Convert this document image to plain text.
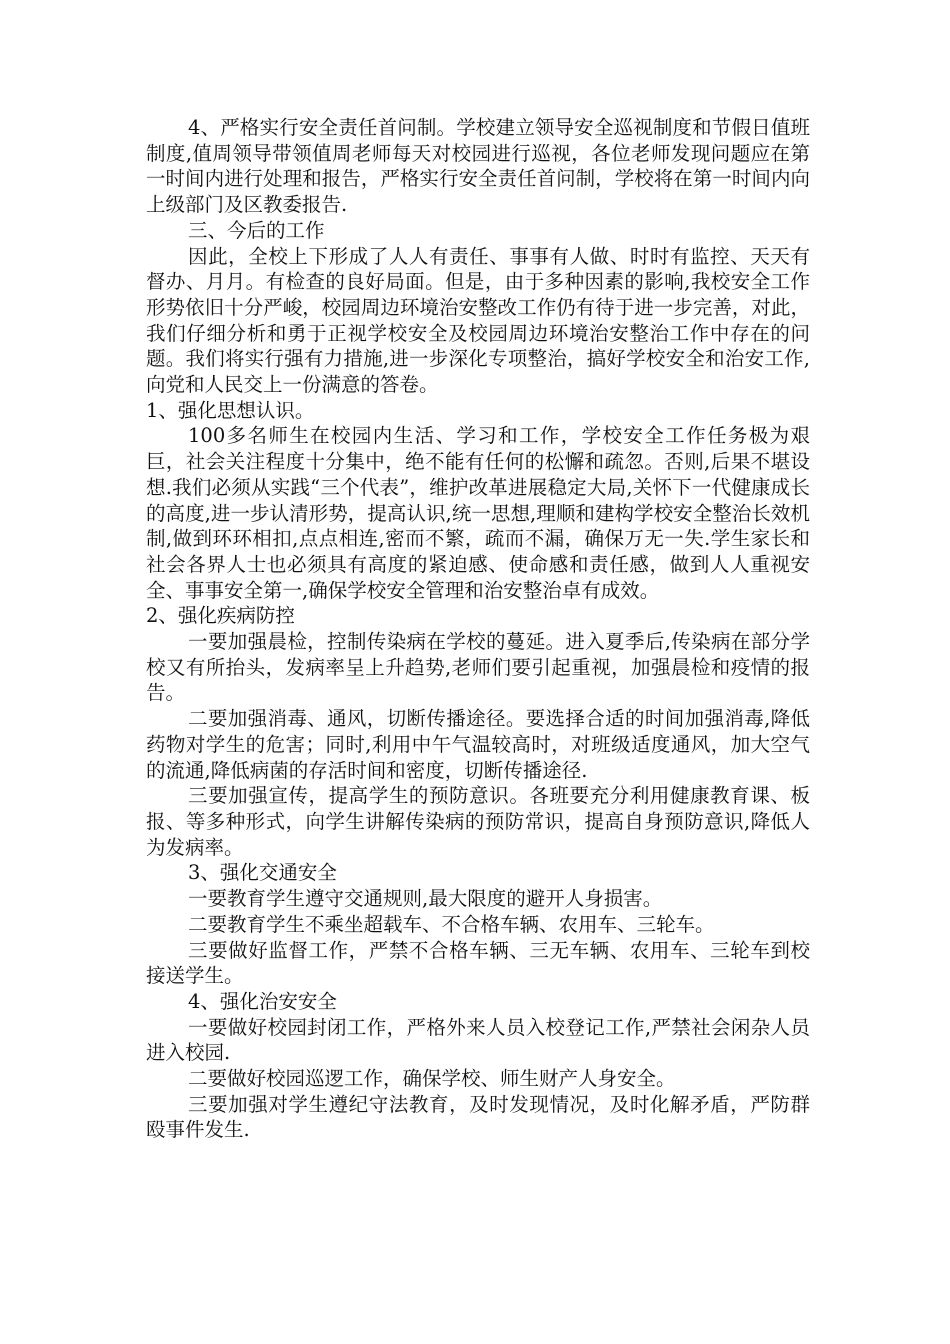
4、严格实行安全责任首问制。学校建立领导安全巡视制度和节假日值班制度,值周领导带领值周老师每天对校园进行巡视，各位老师发现问题应在第一时间内进行处理和报告，严格实行安全责任首问制，学校将在第一时间内向上级部门及区教委报告.

三、今后的工作

因此，全校上下形成了人人有责任、事事有人做、时时有监控、天天有督办、月月。有检查的良好局面。但是，由于多种因素的影响,我校安全工作形势依旧十分严峻，校园周边环境治安整改工作仍有待于进一步完善，对此，我们仔细分析和勇于正视学校安全及校园周边环境治安整治工作中存在的问题。我们将实行强有力措施,进一步深化专项整治，搞好学校安全和治安工作,向党和人民交上一份满意的答卷。

1、强化思想认识。

100多名师生在校园内生活、学习和工作，学校安全工作任务极为艰巨，社会关注程度十分集中，绝不能有任何的松懈和疏忽。否则,后果不堪设想.我们必须从实践“三个代表”，维护改革进展稳定大局,关怀下一代健康成长的高度,进一步认清形势，提高认识,统一思想,理顺和建构学校安全整治长效机制,做到环环相扣,点点相连,密而不繁，疏而不漏，确保万无一失.学生家长和社会各界人士也必须具有高度的紧迫感、使命感和责任感，做到人人重视安全、事事安全第一,确保学校安全管理和治安整治卓有成效。

2、强化疾病防控

一要加强晨检，控制传染病在学校的蔓延。进入夏季后,传染病在部分学校又有所抬头，发病率呈上升趋势,老师们要引起重视，加强晨检和疫情的报告。

二要加强消毒、通风，切断传播途径。要选择合适的时间加强消毒,降低药物对学生的危害；同时,利用中午气温较高时，对班级适度通风，加大空气的流通,降低病菌的存活时间和密度，切断传播途径.

三要加强宣传，提高学生的预防意识。各班要充分利用健康教育课、板报、等多种形式，向学生讲解传染病的预防常识，提高自身预防意识,降低人为发病率。

3、强化交通安全

一要教育学生遵守交通规则,最大限度的避开人身损害。

二要教育学生不乘坐超载车、不合格车辆、农用车、三轮车。

三要做好监督工作，严禁不合格车辆、三无车辆、农用车、三轮车到校接送学生。

4、强化治安安全

一要做好校园封闭工作，严格外来人员入校登记工作,严禁社会闲杂人员进入校园.

二要做好校园巡逻工作，确保学校、师生财产人身安全。

三要加强对学生遵纪守法教育，及时发现情况，及时化解矛盾，严防群殴事件发生.
